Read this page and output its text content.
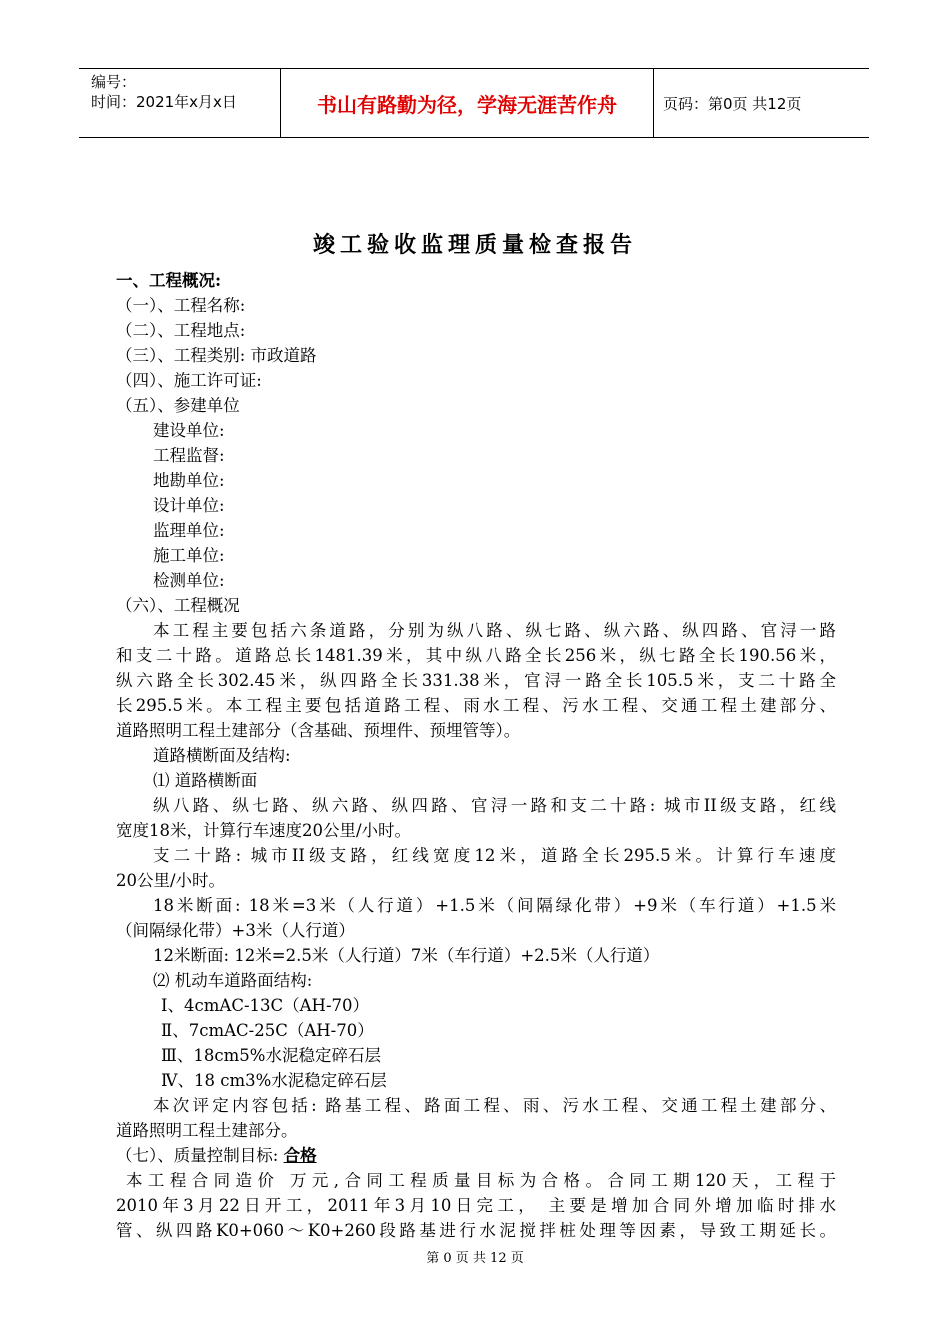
编号：
时间：2021年x月x日	书山有路勤为径，学海无涯苦作舟	页码：第0页 共12页
竣工验收监理质量检查报告
一、工程概况:
（一）、工程名称:
（二）、工程地点:
（三）、工程类别: 市政道路
（四）、施工许可证:
（五）、参建单位
建设单位:
工程监督:
地勘单位:
设计单位:
监理单位:
施工单位:
检测单位:
（六）、工程概况
本工程主要包括六条道路，分别为纵八路、纵七路、纵六路、纵四路、官浔一路
和支二十路。道路总长1481.39米，其中纵八路全长256米，纵七路全长190.56米，
纵六路全长302.45米，纵四路全长331.38米，官浔一路全长105.5米，支二十路全
长295.5米。本工程主要包括道路工程、雨水工程、污水工程、交通工程土建部分、
道路照明工程土建部分（含基础、预埋件、预埋管等）。
道路横断面及结构:
⑴ 道路横断面
纵八路、纵七路、纵六路、纵四路、官浔一路和支二十路: 城市II级支路，红线
宽度18米，计算行车速度20公里/小时。
支二十路: 城市II级支路，红线宽度12米，道路全长295.5米。计算行车速度
20公里/小时。
18米断面: 18米=3米（人行道）+1.5米（间隔绿化带）+9米（车行道）+1.5米
（间隔绿化带）+3米（人行道）
12米断面: 12米=2.5米（人行道）7米（车行道）+2.5米（人行道）
⑵ 机动车道路面结构:
Ⅰ、4cmAC-13C（AH-70）
Ⅱ、7cmAC-25C（AH-70）
Ⅲ、18cm5%水泥稳定碎石层
Ⅳ、18 cm3%水泥稳定碎石层
本次评定内容包括: 路基工程、路面工程、雨、污水工程、交通工程土建部分、
道路照明工程土建部分。
（七）、质量控制目标: 合格
本工程合同造价 万元,合同工程质量目标为合格。合同工期120天，工程于
2010年3月22日开工，2011年3月10日完工， 主要是增加合同外增加临时排水
管、纵四路K0+060～K0+260段路基进行水泥搅拌桩处理等因素，导致工期延长。
第 0 页 共 12 页
